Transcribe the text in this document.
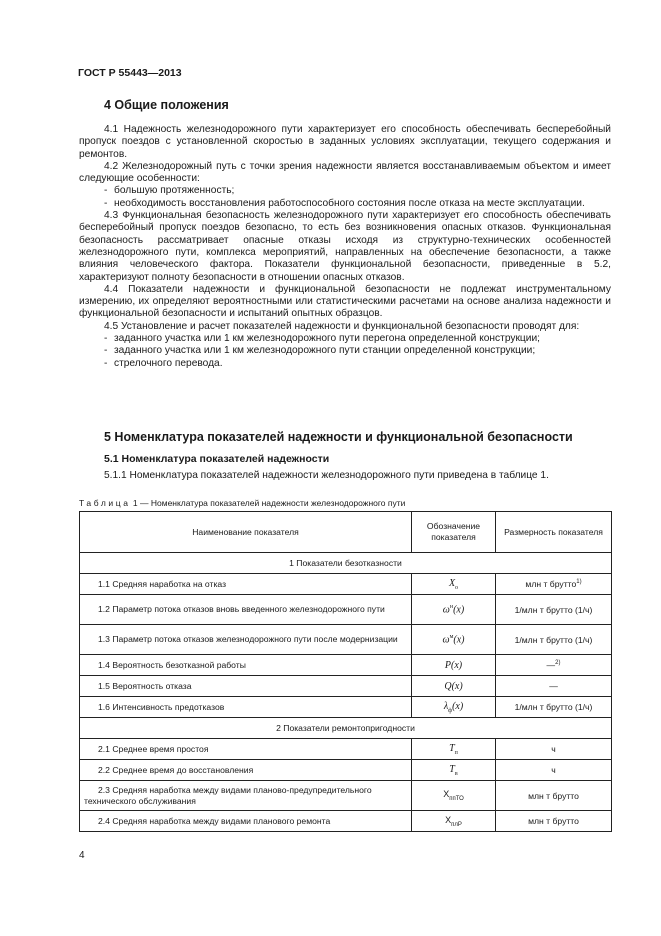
ГОСТ Р 55443—2013
4 Общие положения

4.1 Надежность железнодорожного пути характеризует его способность обеспечивать бесперебойный пропуск поездов с установленной скоростью в заданных условиях эксплуатации, текущего содержания и ремонтов.

4.2 Железнодорожный путь с точки зрения надежности является восстанавливаемым объектом и имеет следующие особенности:

- большую протяженность;

- необходимость восстановления работоспособного состояния после отказа на месте эксплуатации.

4.3 Функциональная безопасность железнодорожного пути характеризует его способность обеспечивать бесперебойный пропуск поездов безопасно, то есть без возникновения опасных отказов. Функциональная безопасность рассматривает опасные отказы исходя из структурно-технических особенностей железнодорожного пути, комплекса мероприятий, направленных на обеспечение безопасности, а также влияния человеческого фактора. Показатели функциональной безопасности, приведенные в 5.2, характеризуют полноту безопасности в отношении опасных отказов.

4.4 Показатели надежности и функциональной безопасности не подлежат инструментальному измерению, их определяют вероятностными или статистическими расчетами на основе анализа надежности и функциональной безопасности и испытаний опытных образцов.

4.5 Установление и расчет показателей надежности и функциональной безопасности проводят для:

- заданного участка или 1 км железнодорожного пути перегона определенной конструкции;

- заданного участка или 1 км железнодорожного пути станции определенной конструкции;

- стрелочного перевода.

5 Номенклатура показателей надежности и функциональной безопасности
5.1 Номенклатура показателей надежности

5.1.1 Номенклатура показателей надежности железнодорожного пути приведена в таблице 1.

Таблица 1 — Номенклатура показателей надежности железнодорожного пути
Наименование показателя	Обозначение показателя	Размерность показателя
1 Показатели безотказности		
1.1 Средняя наработка на отказ	$X_о$	млн т брутто$^{1)}$
1.2 Параметр потока отказов вновь введенного железнодорожного пути	$\omega^н(x)$	1/млн т брутто (1/ч)
1.3 Параметр потока отказов железнодорожного пути после модернизации	$\omega^м(x)$	1/млн т брутто (1/ч)
1.4 Вероятность безотказной работы	P(x)	—$^{2)}$
1.5 Вероятность отказа	Q(x)	—
1.6 Интенсивность предотказов	$\lambda_ф(x)$	1/млн т брутто (1/ч)
2 Показатели ремонтопригодности		
2.1 Среднее время простоя	$T_п$	ч
2.2 Среднее время до восстановления	$T_в$	ч
2.3 Средняя наработка между видами планово-предупредительного технического обслуживания	$X_{ппТО}$	млн т брутто
2.4 Средняя наработка между видами планового ремонта	$X_{плР}$	млн т брутто
4
